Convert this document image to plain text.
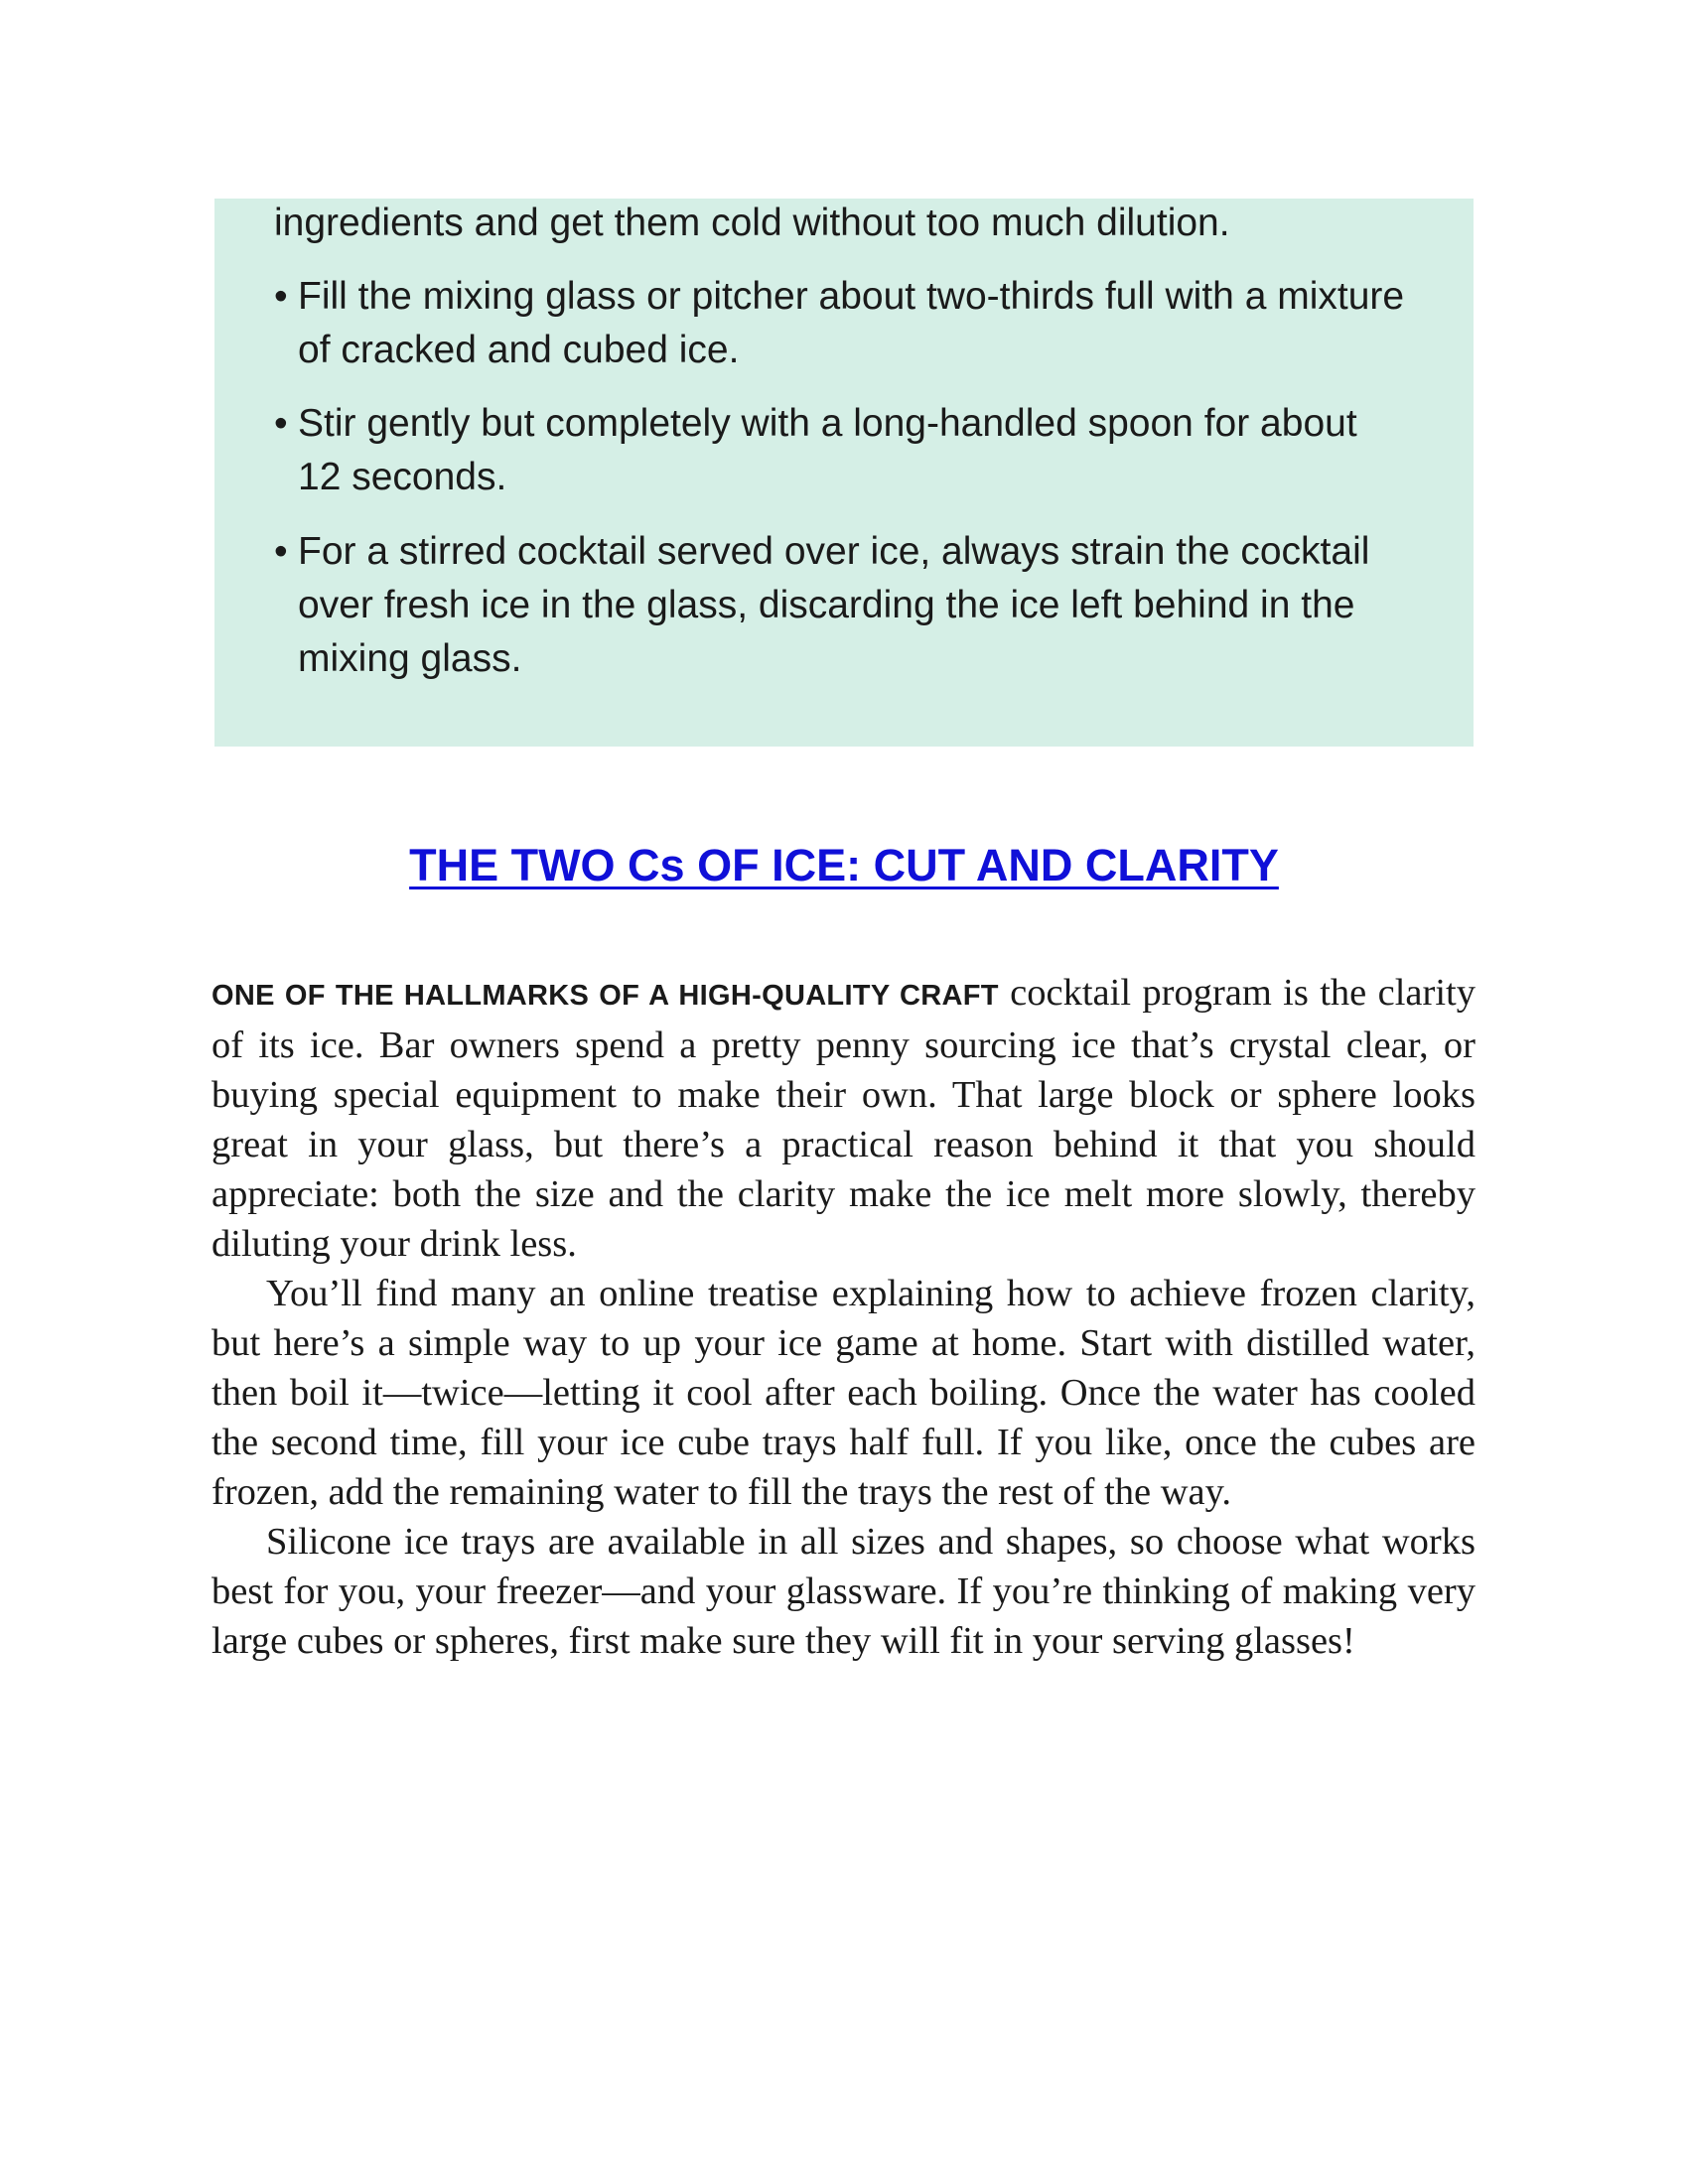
ingredients and get them cold without too much dilution.

• Fill the mixing glass or pitcher about two-thirds full with a mixture of cracked and cubed ice.
• Stir gently but completely with a long-handled spoon for about 12 seconds.
• For a stirred cocktail served over ice, always strain the cocktail over fresh ice in the glass, discarding the ice left behind in the mixing glass.
THE TWO Cs OF ICE: CUT AND CLARITY

ONE OF THE HALLMARKS OF A HIGH-QUALITY CRAFT cocktail program is the clarity of its ice. Bar owners spend a pretty penny sourcing ice that’s crystal clear, or buying special equipment to make their own. That large block or sphere looks great in your glass, but there’s a practical reason behind it that you should appreciate: both the size and the clarity make the ice melt more slowly, thereby diluting your drink less.

You’ll find many an online treatise explaining how to achieve frozen clarity, but here’s a simple way to up your ice game at home. Start with distilled water, then boil it—twice—letting it cool after each boiling. Once the water has cooled the second time, fill your ice cube trays half full. If you like, once the cubes are frozen, add the remaining water to fill the trays the rest of the way.

Silicone ice trays are available in all sizes and shapes, so choose what works best for you, your freezer—and your glassware. If you’re thinking of making very large cubes or spheres, first make sure they will fit in your serving glasses!
